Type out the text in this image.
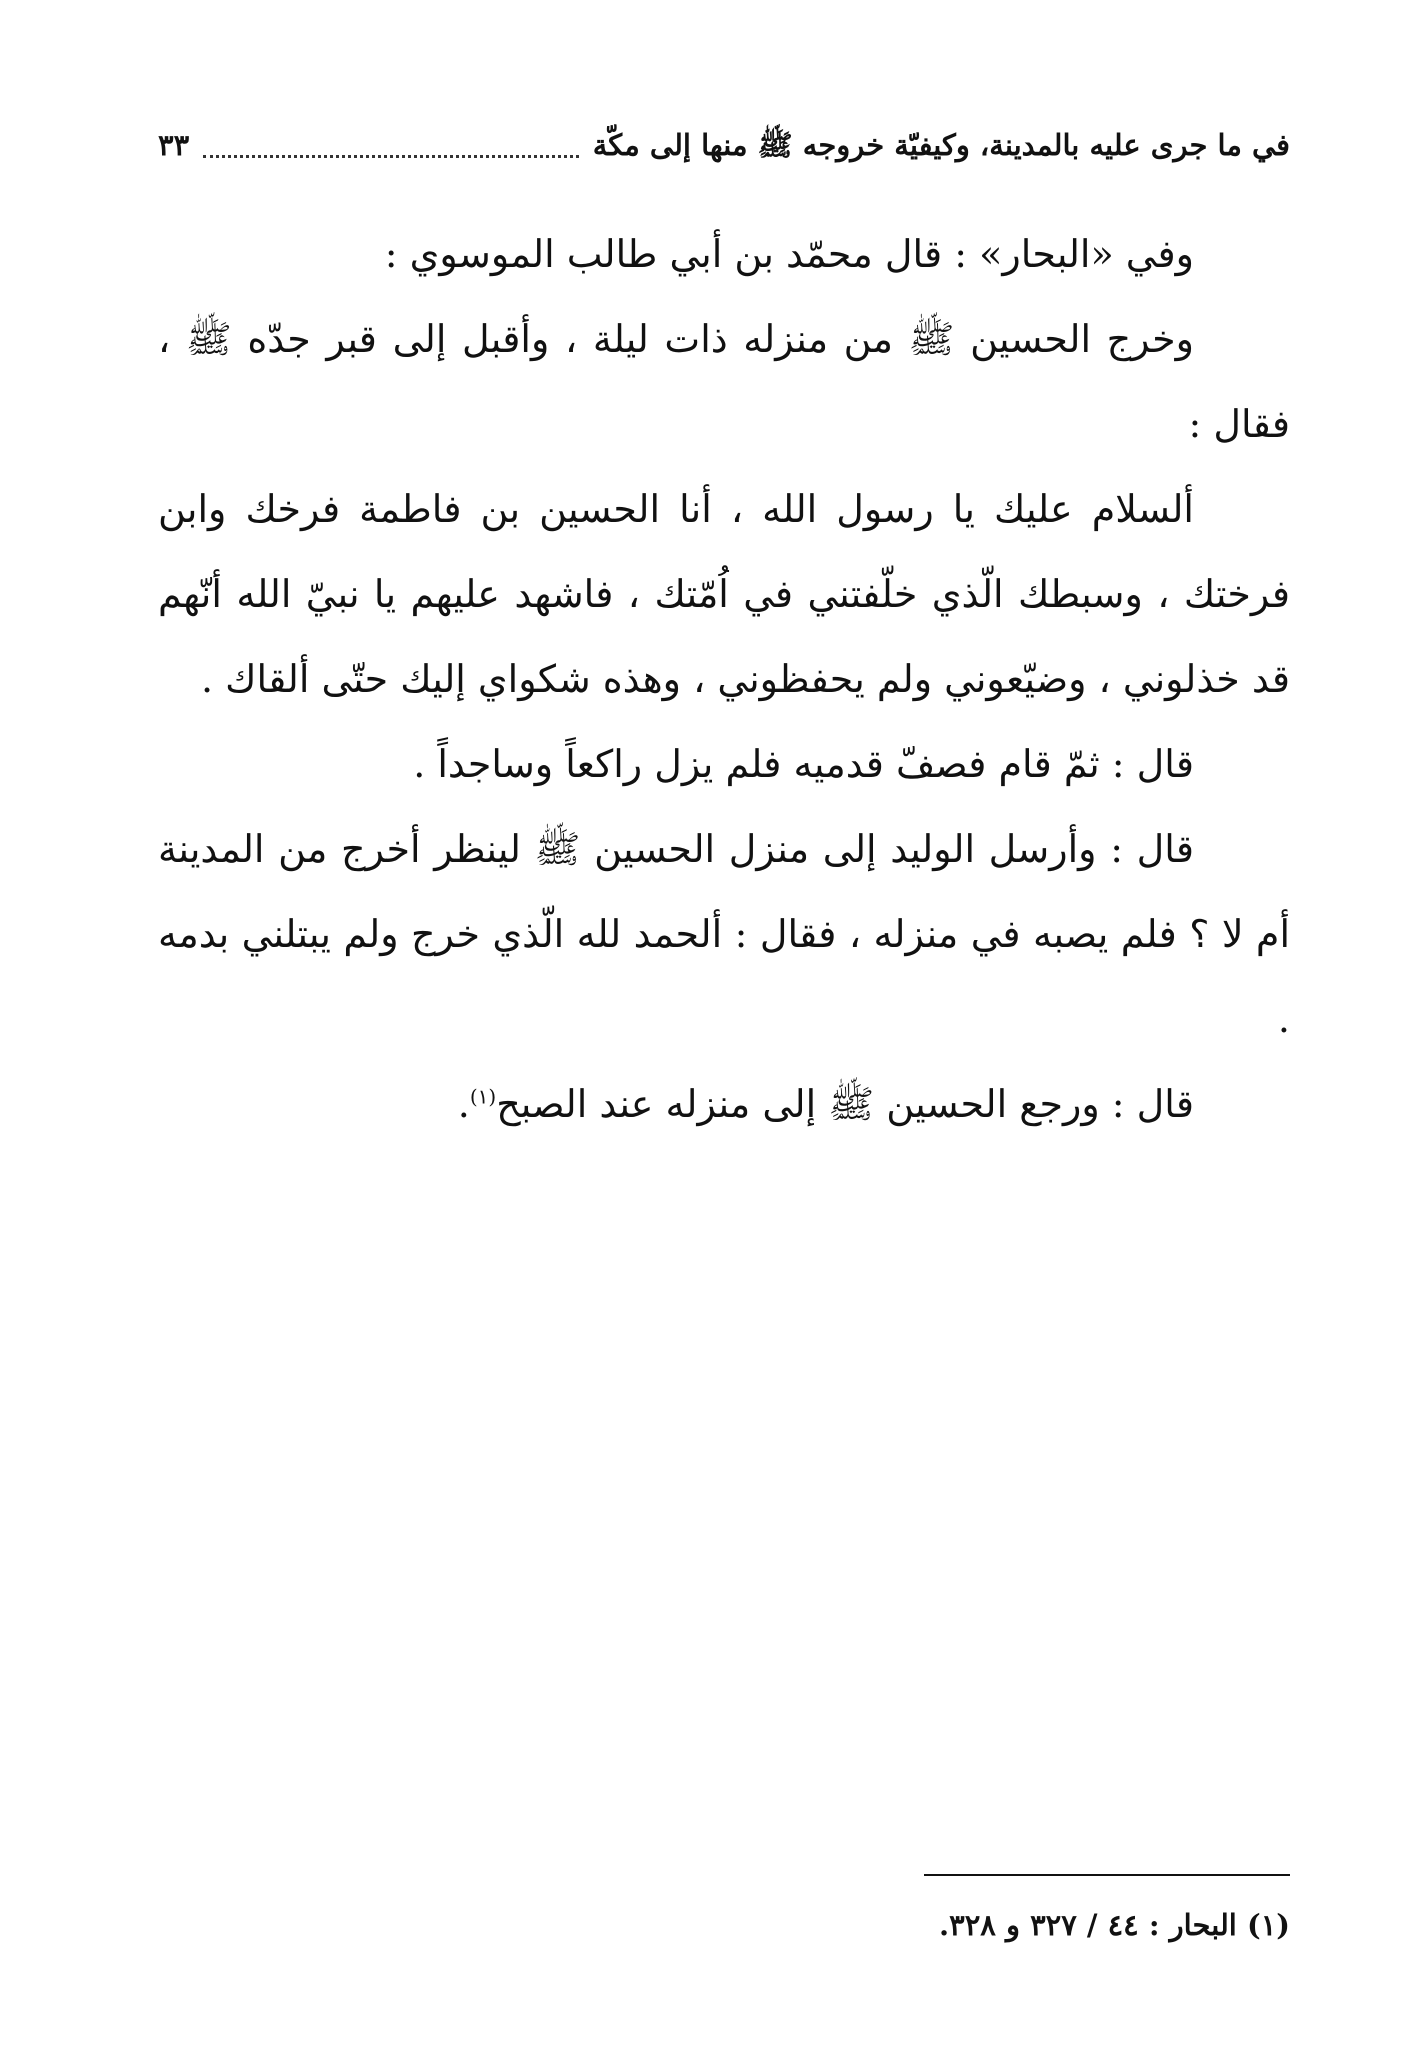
في ما جرى عليه بالمدينة، وكيفيّة خروجه ﷺ منها إلى مكّة
٣٣

وفي «البحار» : قال محمّد بن أبي طالب الموسوي :

وخرج الحسين ﷺ من منزله ذات ليلة ، وأقبل إلى قبر جدّه ﷺ ، فقال :

ألسلام عليك يا رسول الله ، أنا الحسين بن فاطمة فرخك وابن فرختك ، وسبطك الّذي خلّفتني في اُمّتك ، فاشهد عليهم يا نبيّ الله أنّهم قد خذلوني ، وضيّعوني ولم يحفظوني ، وهذه شكواي إليك حتّى ألقاك .

قال : ثمّ قام فصفّ قدميه فلم يزل راكعاً وساجداً .

قال : وأرسل الوليد إلى منزل الحسين ﷺ لينظر أخرج من المدينة أم لا ؟ فلم يصبه في منزله ، فقال : ألحمد لله الّذي خرج ولم يبتلني بدمه .

قال : ورجع الحسين ﷺ إلى منزله عند الصبح$^{(١)}$.

(١) البحار : ٤٤ / ٣٢٧ و ٣٢٨.
